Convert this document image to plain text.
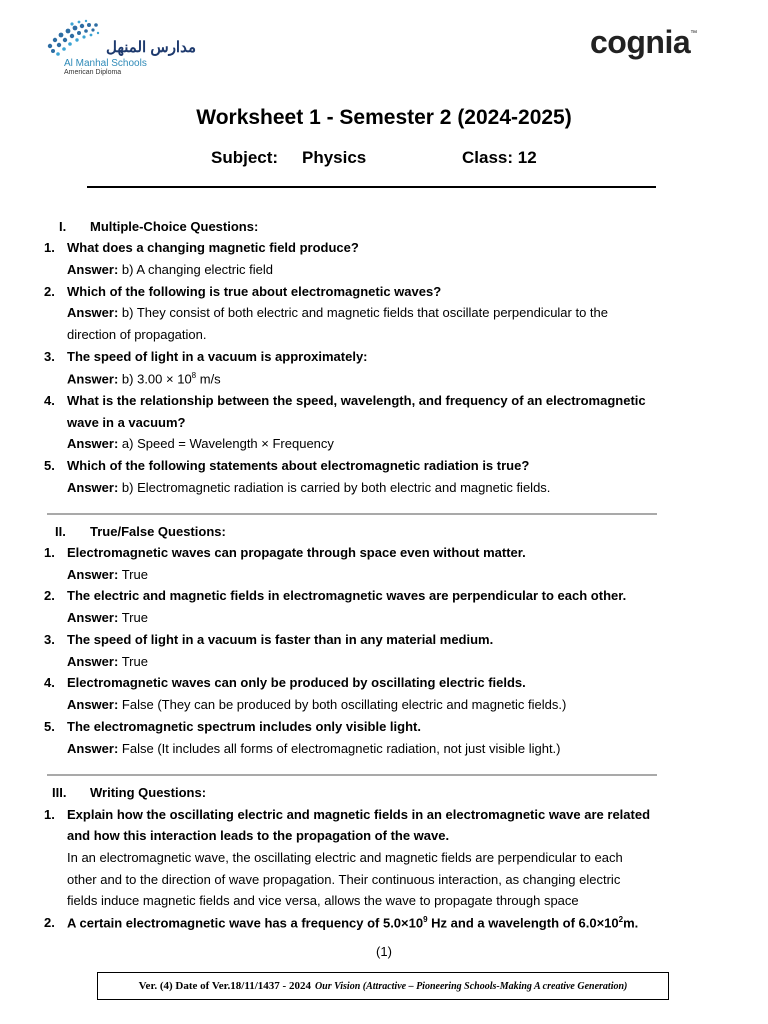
مدارس المنهل
Al Manhal Schools
American Diploma
cognia™
Worksheet 1 - Semester 2 (2024-2025)
Subject: Physics	Class: 12
I. Multiple-Choice Questions:
1. What does a changing magnetic field produce?
Answer: b) A changing electric field
2. Which of the following is true about electromagnetic waves?
Answer: b) They consist of both electric and magnetic fields that oscillate perpendicular to the
direction of propagation.
3. The speed of light in a vacuum is approximately:
Answer: b) $3.00 \times 10^8$ m/s
4. What is the relationship between the speed, wavelength, and frequency of an electromagnetic
wave in a vacuum?
Answer: a) Speed = Wavelength × Frequency
5. Which of the following statements about electromagnetic radiation is true?
Answer: b) Electromagnetic radiation is carried by both electric and magnetic fields.
II. True/False Questions:
1. Electromagnetic waves can propagate through space even without matter.
Answer: True
2. The electric and magnetic fields in electromagnetic waves are perpendicular to each other.
Answer: True
3. The speed of light in a vacuum is faster than in any material medium.
Answer: True
4. Electromagnetic waves can only be produced by oscillating electric fields.
Answer: False (They can be produced by both oscillating electric and magnetic fields.)
5. The electromagnetic spectrum includes only visible light.
Answer: False (It includes all forms of electromagnetic radiation, not just visible light.)
III. Writing Questions:
1. Explain how the oscillating electric and magnetic fields in an electromagnetic wave are related
and how this interaction leads to the propagation of the wave.
In an electromagnetic wave, the oscillating electric and magnetic fields are perpendicular to each
other and to the direction of wave propagation. Their continuous interaction, as changing electric
fields induce magnetic fields and vice versa, allows the wave to propagate through space
2. A certain electromagnetic wave has a frequency of $5.0\times 10^9$ Hz and a wavelength of $6.0\times 10^2m$.
(1)
Ver. (4) Date of Ver.18/11/1437 - 2024 Our Vision (Attractive – Pioneering Schools-Making A creative Generation)
